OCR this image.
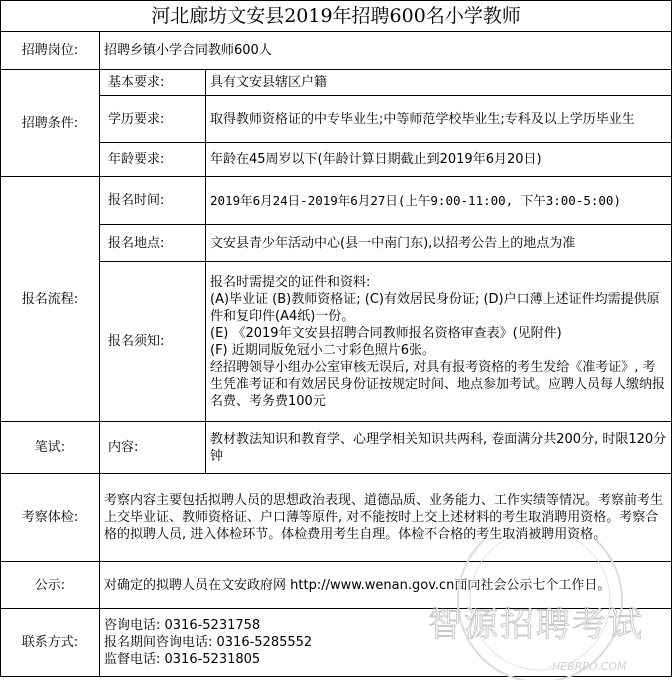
河北廊坊文安县2019年招聘600名小学教师		
招聘岗位:	招聘乡镇小学合同教师600人	
招聘条件:	基本要求:	具有文安县辖区户籍
	学历要求:	取得教师资格证的中专毕业生;中等师范学校毕业生;专科及以上学历毕业生
	年龄要求:	年龄在45周岁以下(年龄计算日期截止到2019年6月20日)
报名流程:	报名时间:	2019年6月24日-2019年6月27日(上午9:00-11:00, 下午3:00-5:00)
	报名地点:	文安县青少年活动中心(县一中南门东),以招考公告上的地点为准
	报名须知:	报名时需提交的证件和资料:
(A)毕业证 (B)教师资格证; (C)有效居民身份证; (D)户口薄上述证件均需提供原件和复印件(A4纸)一份。
(E) 《2019年文安县招聘合同教师报名资格审查表》(见附件)
(F) 近期同版免冠小二寸彩色照片6张。
经招聘领导小组办公室审核无误后, 对具有报考资格的考生发给《准考证》, 考生凭准考证和有效居民身份证按规定时间、地点参加考试。应聘人员每人缴纳报名费、考务费100元

笔试:	内容:	教材教法知识和教育学、心理学相关知识共两科, 卷面满分共200分, 时限120分钟
考察体检:	考察内容主要包括拟聘人员的思想政治表现、道德品质、业务能力、工作实绩等情况。考察前考生上交毕业证、教师资格证、户口薄等原件, 对不能按时上交上述材料的考生取消聘用资格。考察合格的拟聘人员, 进入体检环节。体检费用考生自理。体检不合格的考生取消被聘用资格。	
公示:	对确定的拟聘人员在文安政府网 http://www.wenan.gov.cn面向社会公示七个工作日。	
联系方式:	咨询电话: 0316-5231758
报名期间咨询电话: 0316-5285552
监督电话: 0316-5231805	
智源招聘考试
-HEBRPO.COM
